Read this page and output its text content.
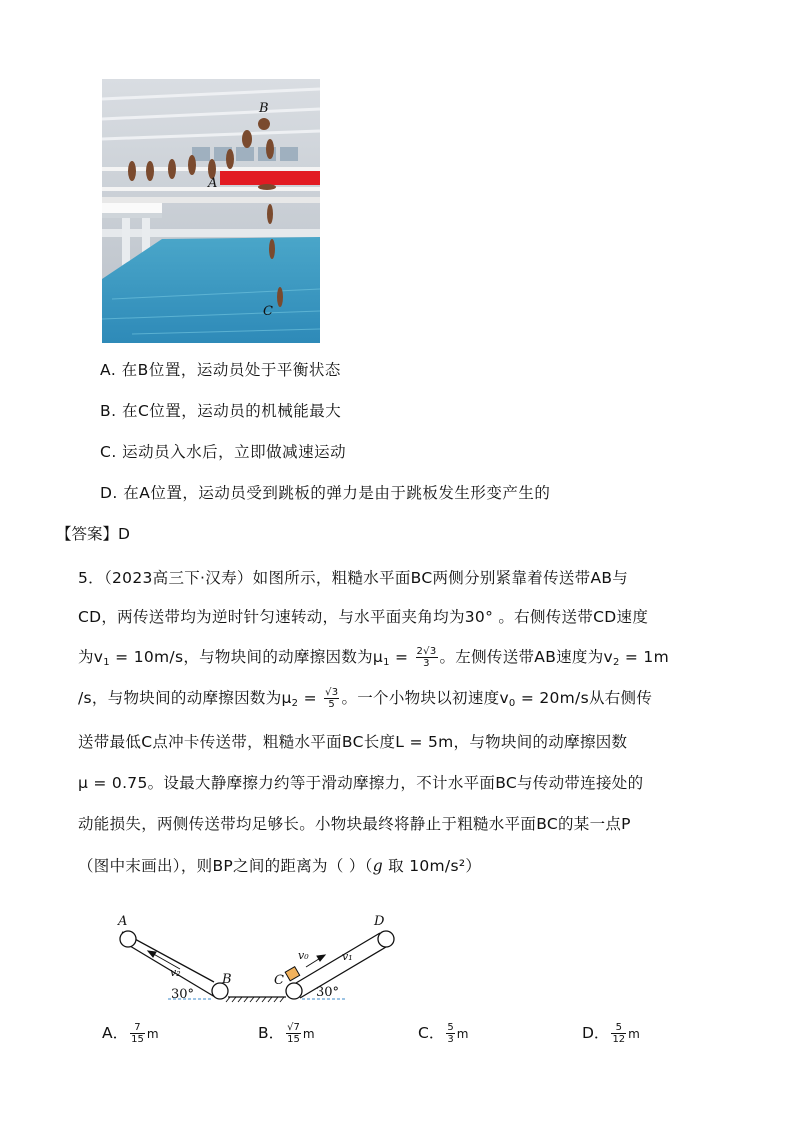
B
A
C
A. 在B位置，运动员处于平衡状态
B. 在C位置，运动员的机械能最大
C. 运动员入水后，立即做减速运动
D. 在A位置，运动员受到跳板的弹力是由于跳板发生形变产生的
【答案】D
5．（2023高三下·汉寿）如图所示，粗糙水平面BC两侧分别紧靠着传送带AB与
CD，两传送带均为逆时针匀速转动，与水平面夹角均为30° 。右侧传送带CD速度
为$v_1 = 10m/s$，与物块间的动摩擦因数为$\mu_1 = \frac{2√3}{3}$ 。左侧传送带AB速度为$v_2 = 1m$
/s，与物块间的动摩擦因数为$\mu_2 = \frac{√3}{5}$ 。一个小物块以初速度$v_0 = 20m/s$从右侧传
送带最低C点冲卡传送带，粗糙水平面BC长度L = 5m，与物块间的动摩擦因数
μ = 0.75。设最大静摩擦力约等于滑动摩擦力，不计水平面BC与传动带连接处的
动能损失，两侧传送带均足够长。小物块最终将静止于粗糙水平面BC的某一点P
（图中末画出），则BP之间的距离为（ ）（g 取 10m/s²）
A
B	C
D
v₂
v₀	v₁
30°	30°
A． $\frac{7}{15}$ m	B． $\frac{√7}{15}$ m	C． $\frac{5}{3}$ m	D． $\frac{5}{12}$ m
